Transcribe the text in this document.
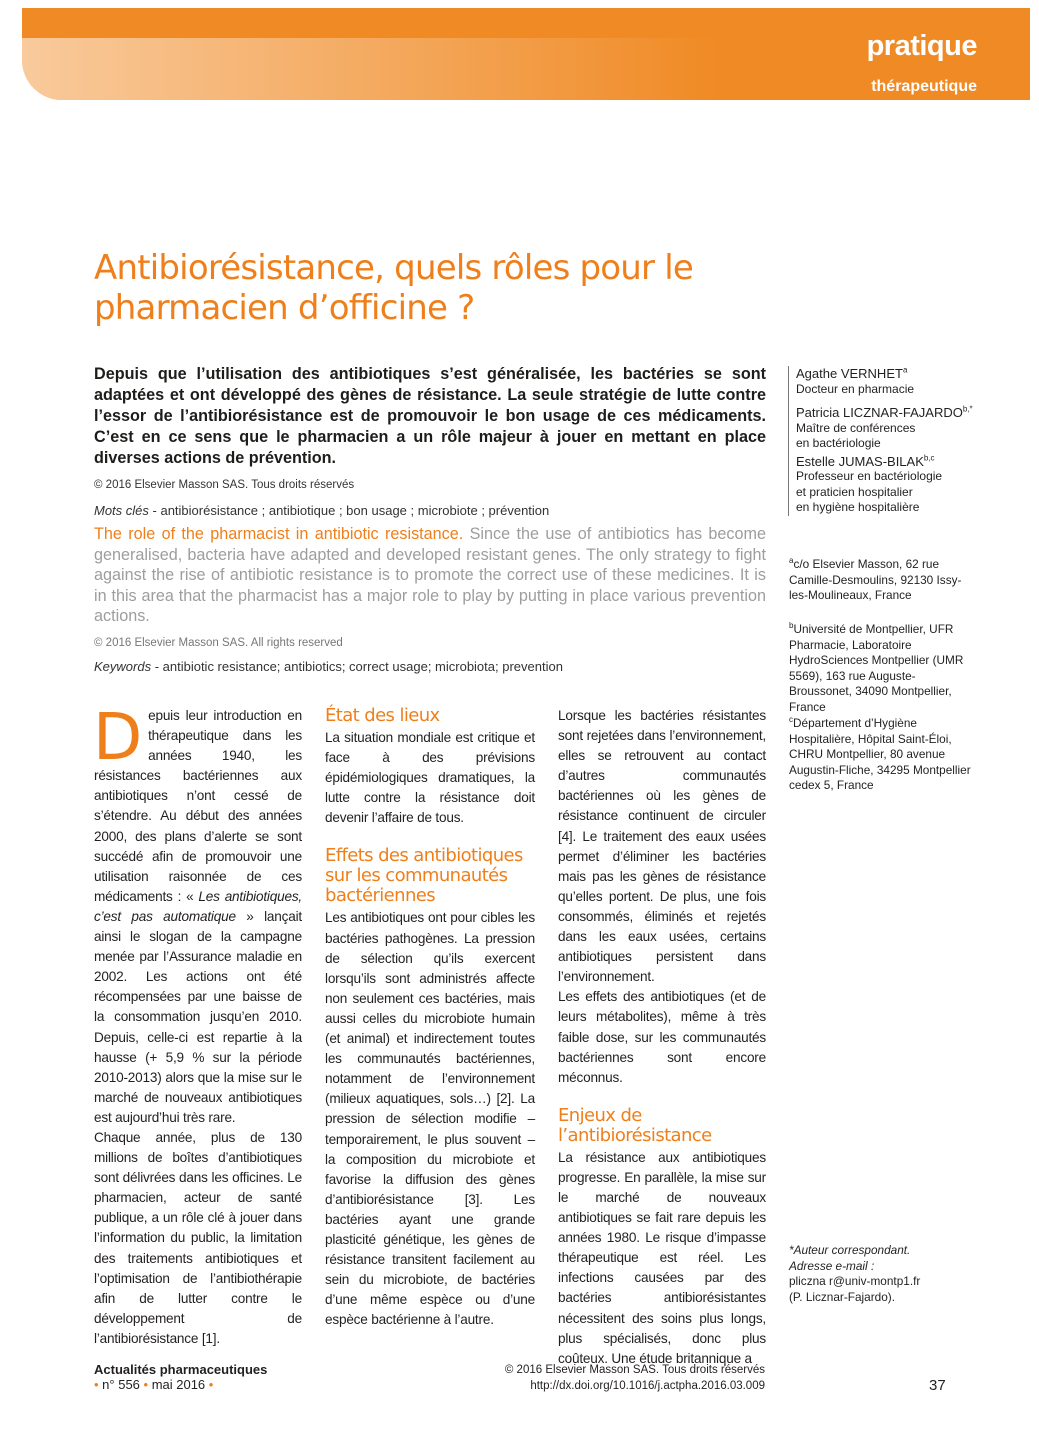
pratique
thérapeutique
Antibiorésistance, quels rôles pour le pharmacien d’officine ?
Depuis que l’utilisation des antibiotiques s’est généralisée, les bactéries se sont adaptées et ont développé des gènes de résistance. La seule stratégie de lutte contre l’essor de l’antibiorésistance est de promouvoir le bon usage de ces médicaments. C’est en ce sens que le pharmacien a un rôle majeur à jouer en mettant en place diverses actions de prévention.
© 2016 Elsevier Masson SAS. Tous droits réservés
Mots clés - antibiorésistance ; antibiotique ; bon usage ; microbiote ; prévention
The role of the pharmacist in antibiotic resistance. Since the use of antibiotics has become generalised, bacteria have adapted and developed resistant genes. The only strategy to fight against the rise of antibiotic resistance is to promote the correct use of these medicines. It is in this area that the pharmacist has a major role to play by putting in place various prevention actions.
© 2016 Elsevier Masson SAS. All rights reserved
Keywords - antibiotic resistance; antibiotics; correct usage; microbiota; prevention
Agathe VERNHET$^a$
Docteur en pharmacie
Patricia LICZNAR-$FAJARDO^{b,*}$
Maître de conférences
en bactériologie
Estelle JUMAS-BILAK$^{b,c}$
Professeur en bactériologie
et praticien hospitalier
en hygiène hospitalière
$^a$c/o Elsevier Masson, 62 rue Camille-Desmoulins, 92130 Issy-les-Moulineaux, France
$^b$Université de Montpellier, UFR Pharmacie, Laboratoire HydroSciences Montpellier (UMR 5569), 163 rue Auguste-Broussonet, 34090 Montpellier, France
$^c$Département d’Hygiène Hospitalière, Hôpital Saint-Éloi, CHRU Montpellier, 80 avenue Augustin-Fliche, 34295 Montpellier cedex 5, France
*Auteur correspondant.
Adresse e-mail :
pliczna r@univ-montp1.fr
(P. Licznar-Fajardo).

Depuis leur introduction en thérapeutique dans les années 1940, les résistances bactériennes aux antibiotiques n’ont cessé de s’étendre. Au début des années 2000, des plans d’alerte se sont succédé afin de promouvoir une utilisation raisonnée de ces médicaments : « Les antibiotiques, c’est pas automatique » lançait ainsi le slogan de la campagne menée par l’Assurance maladie en 2002. Les actions ont été récompensées par une baisse de la consommation jusqu’en 2010. Depuis, celle-ci est repartie à la hausse (+ 5,9 % sur la période 2010-2013) alors que la mise sur le marché de nouveaux antibiotiques est aujourd’hui très rare.

Chaque année, plus de 130 millions de boîtes d’antibiotiques sont délivrées dans les officines. Le pharmacien, acteur de santé publique, a un rôle clé à jouer dans l’information du public, la limitation des traitements antibiotiques et l’optimisation de l’antibiothérapie afin de lutter contre le développement de l’antibiorésistance [1].

État des lieux

La situation mondiale est critique et face à des prévisions épidémiologiques dramatiques, la lutte contre la résistance doit devenir l’affaire de tous.

Effets des antibiotiques sur les communautés bactériennes

Les antibiotiques ont pour cibles les bactéries pathogènes. La pression de sélection qu’ils exercent lorsqu’ils sont administrés affecte non seulement ces bactéries, mais aussi celles du microbiote humain (et animal) et indirectement toutes les communautés bactériennes, notamment de l’environnement (milieux aquatiques, sols…) [2]. La pression de sélection modifie – temporairement, le plus souvent – la composition du microbiote et favorise la diffusion des gènes d’antibiorésistance [3]. Les bactéries ayant une grande plasticité génétique, les gènes de résistance transitent facilement au sein du microbiote, de bactéries d’une même espèce ou d’une espèce bactérienne à l’autre.

Lorsque les bactéries résistantes sont rejetées dans l’environnement, elles se retrouvent au contact d’autres communautés bactériennes où les gènes de résistance continuent de circuler [4]. Le traitement des eaux usées permet d’éliminer les bactéries mais pas les gènes de résistance qu’elles portent. De plus, une fois consommés, éliminés et rejetés dans les eaux usées, certains antibiotiques persistent dans l’environnement.

Les effets des antibiotiques (et de leurs métabolites), même à très faible dose, sur les communautés bactériennes sont encore méconnus.

Enjeux de l’antibiorésistance

La résistance aux antibiotiques progresse. En parallèle, la mise sur le marché de nouveaux antibiotiques se fait rare depuis les années 1980. Le risque d’impasse thérapeutique est réel. Les infections causées par des bactéries antibiorésistantes nécessitent des soins plus longs, plus spécialisés, donc plus coûteux. Une étude britannique a

Actualités pharmaceutiques
• n° 556 • mai 2016 •
© 2016 Elsevier Masson SAS. Tous droits réservés
http://dx.doi.org/10.1016/j.actpha.2016.03.009	37
